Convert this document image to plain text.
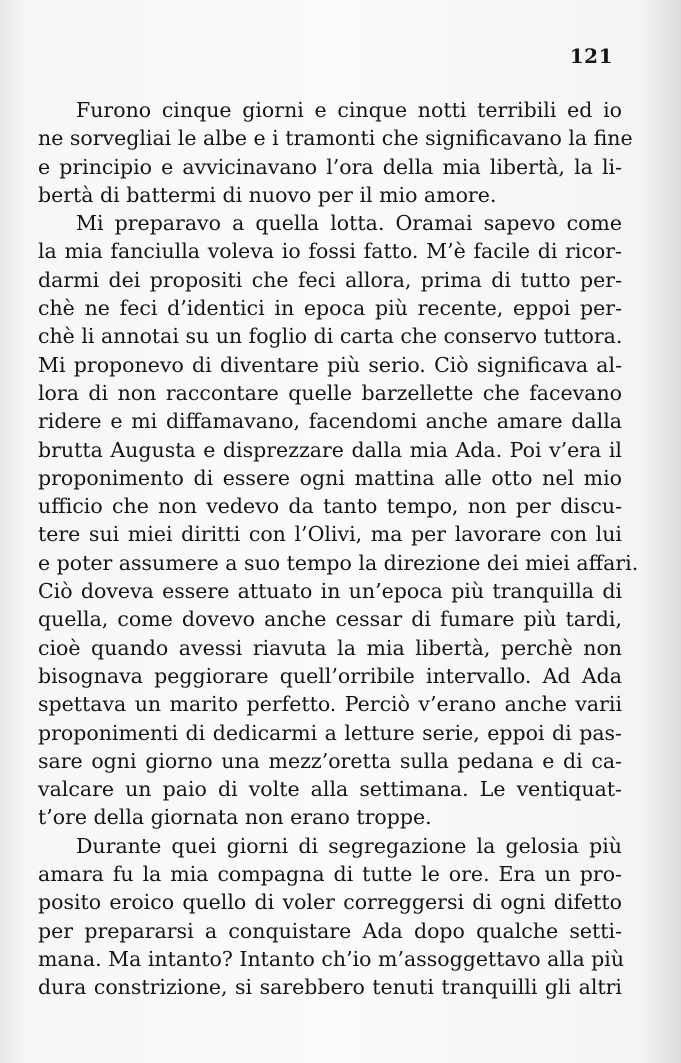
121
Furono cinque giorni e cinque notti terribili ed io
ne sorvegliai le albe e i tramonti che significavano la fine
e principio e avvicinavano l’ora della mia libertà, la li-
bertà di battermi di nuovo per il mio amore.
Mi preparavo a quella lotta. Oramai sapevo come
la mia fanciulla voleva io fossi fatto. M’è facile di ricor-
darmi dei propositi che feci allora, prima di tutto per-
chè ne feci d’identici in epoca più recente, eppoi per-
chè li annotai su un foglio di carta che conservo tuttora.
Mi proponevo di diventare più serio. Ciò significava al-
lora di non raccontare quelle barzellette che facevano
ridere e mi diffamavano, facendomi anche amare dalla
brutta Augusta e disprezzare dalla mia Ada. Poi v’era il
proponimento di essere ogni mattina alle otto nel mio
ufficio che non vedevo da tanto tempo, non per discu-
tere sui miei diritti con l’Olivi, ma per lavorare con lui
e poter assumere a suo tempo la direzione dei miei affari.
Ciò doveva essere attuato in un’epoca più tranquilla di
quella, come dovevo anche cessar di fumare più tardi,
cioè quando avessi riavuta la mia libertà, perchè non
bisognava peggiorare quell’orribile intervallo. Ad Ada
spettava un marito perfetto. Perciò v’erano anche varii
proponimenti di dedicarmi a letture serie, eppoi di pas-
sare ogni giorno una mezz’oretta sulla pedana e di ca-
valcare un paio di volte alla settimana. Le ventiquat-
t’ore della giornata non erano troppe.
Durante quei giorni di segregazione la gelosia più
amara fu la mia compagna di tutte le ore. Era un pro-
posito eroico quello di voler correggersi di ogni difetto
per prepararsi a conquistare Ada dopo qualche setti-
mana. Ma intanto? Intanto ch’io m’assoggettavo alla più
dura constrizione, si sarebbero tenuti tranquilli gli altri
